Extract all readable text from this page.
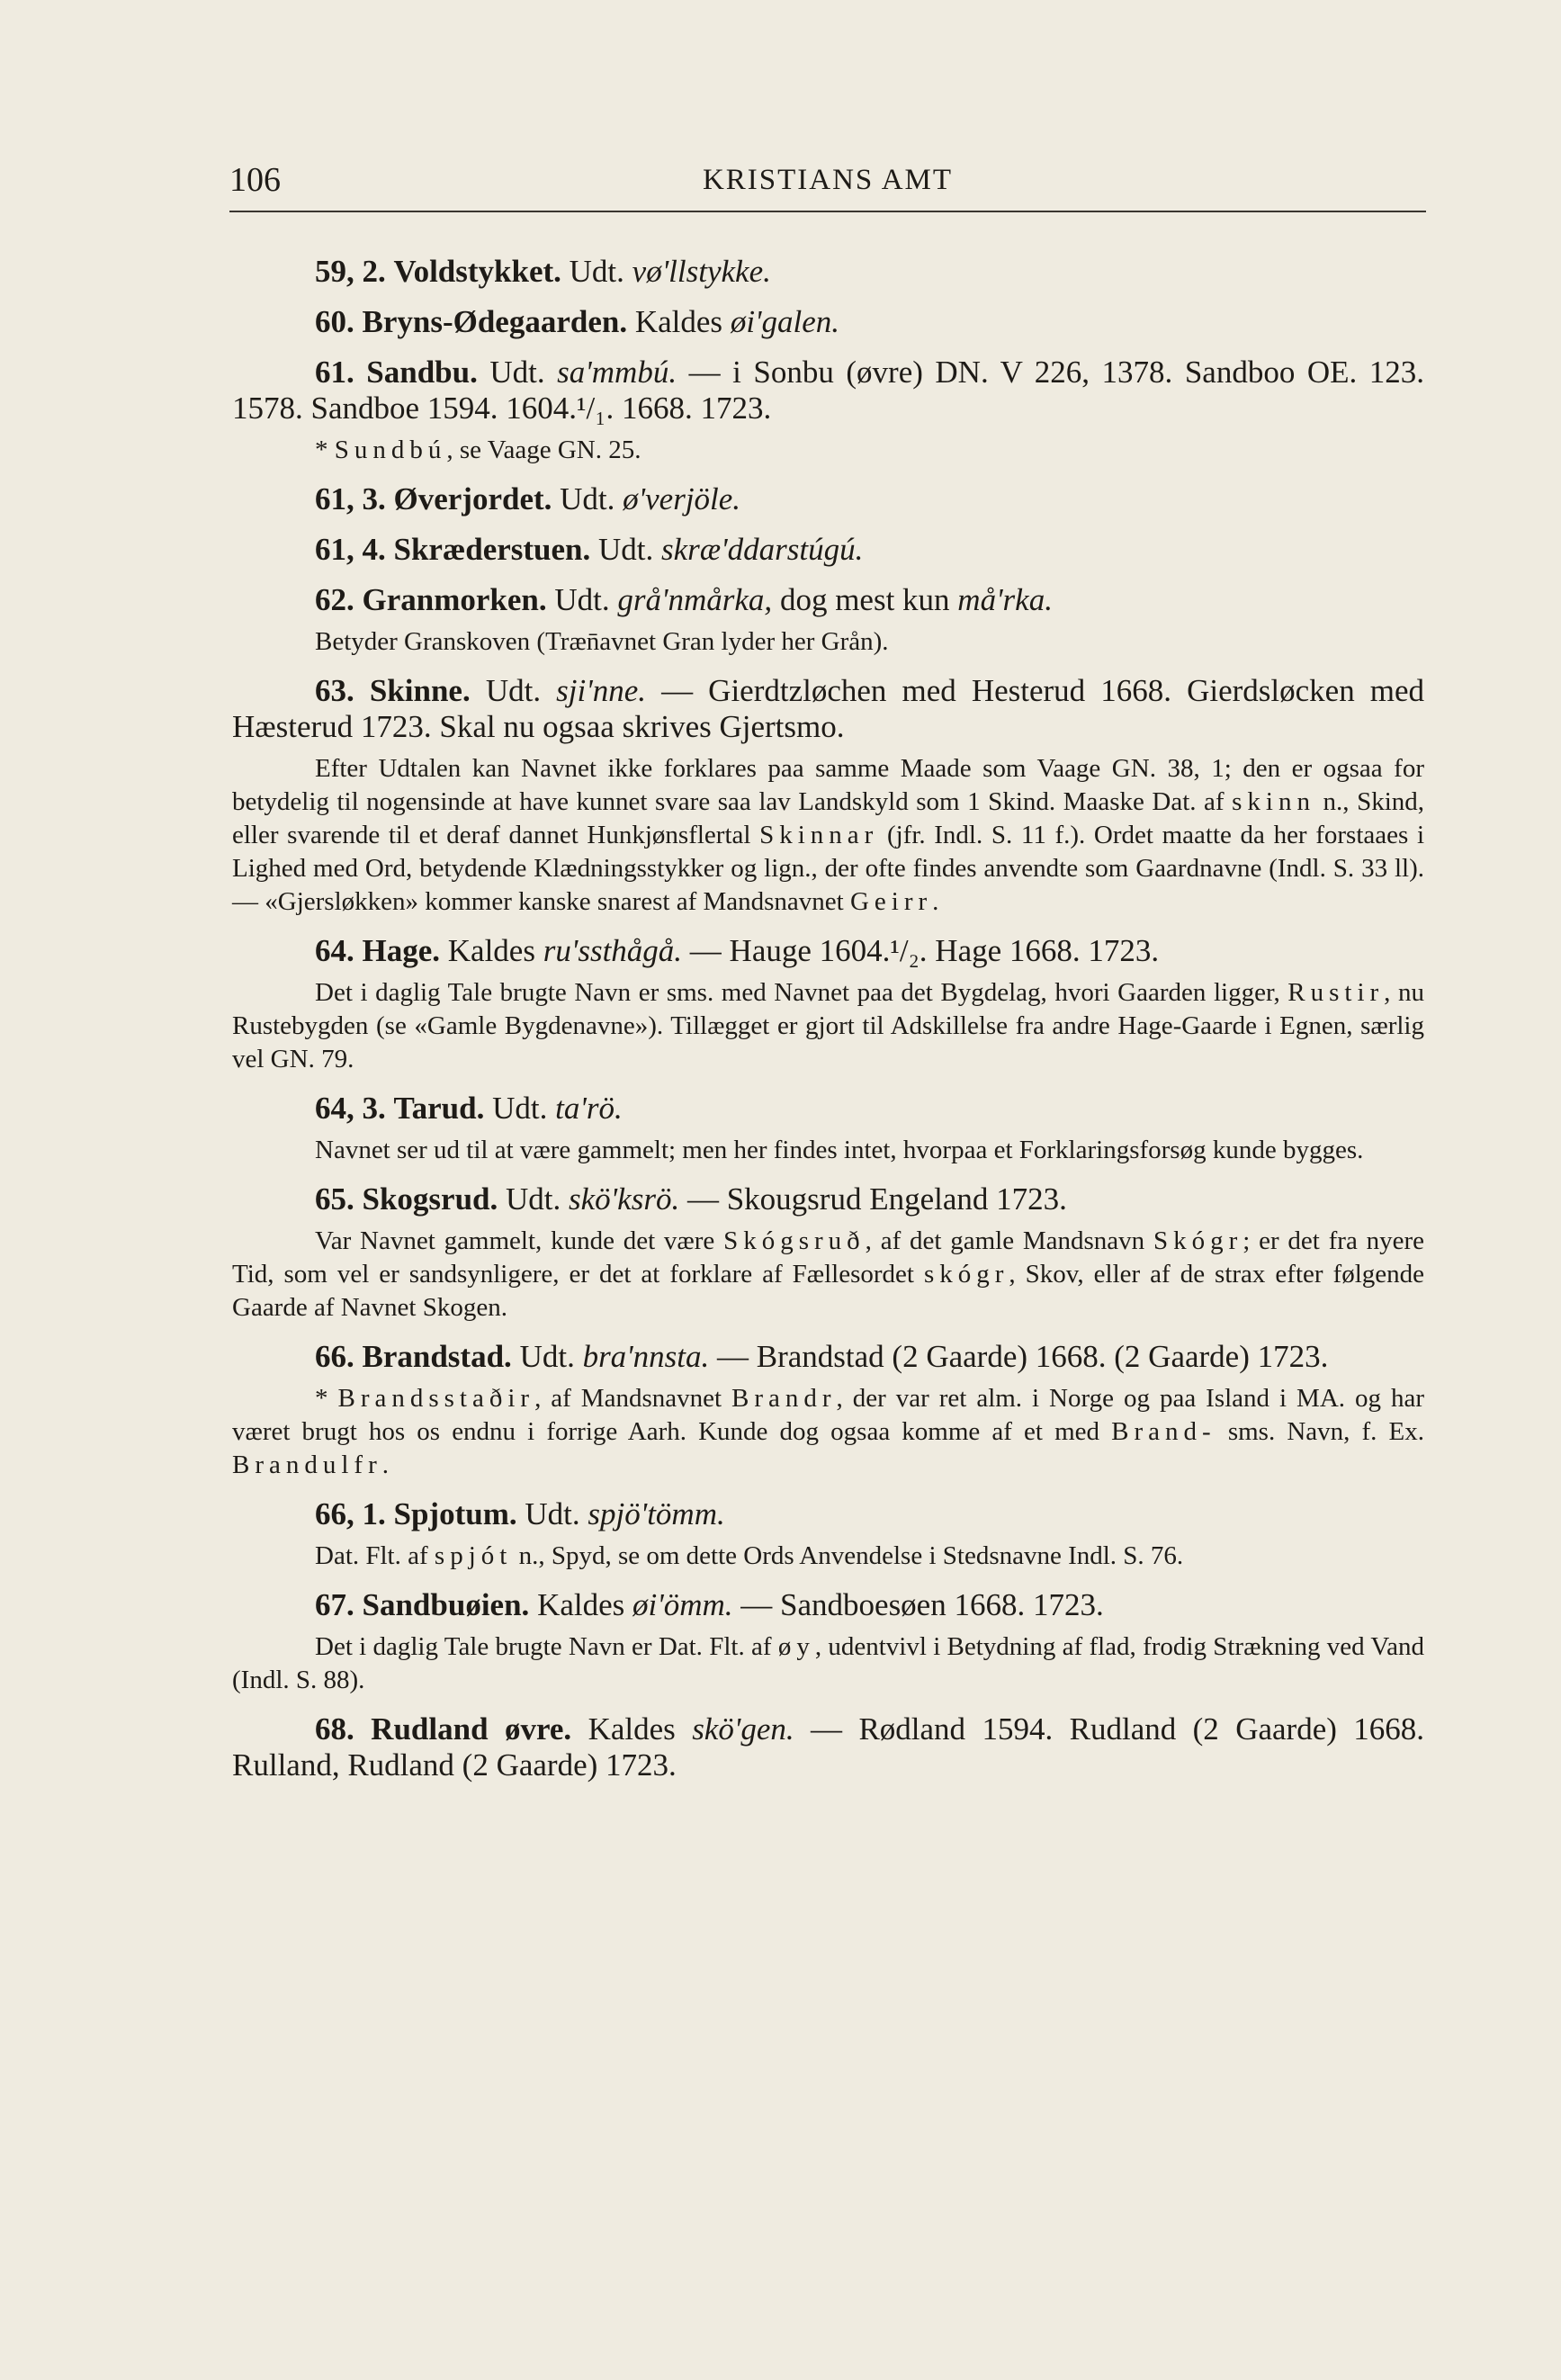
106	KRISTIANS AMT

59, 2. Voldstykket. Udt. vø'llstykke.

60. Bryns-Ødegaarden. Kaldes øi'galen.

61. Sandbu. Udt. sa'mmbú. — i Sonbu (øvre) DN. V 226, 1378. Sandboo OE. 123. 1578. Sandboe 1594. 1604.¹/₁. 1668. 1723.

* Sundbú, se Vaage GN. 25.

61, 3. Øverjordet. Udt. ø'verjöle.

61, 4. Skræderstuen. Udt. skræ'ddarstúgú.

62. Granmorken. Udt. grå'nmårka, dog mest kun må'rka.

Betyder Granskoven (Træn̄avnet Gran lyder her Grån).

63. Skinne. Udt. sji'nne. — Gierdtzløchen med Hesterud 1668. Gierdsløcken med Hæsterud 1723. Skal nu ogsaa skrives Gjertsmo.

Efter Udtalen kan Navnet ikke forklares paa samme Maade som Vaage GN. 38, 1; den er ogsaa for betydelig til nogensinde at have kunnet svare saa lav Landskyld som 1 Skind. Maaske Dat. af skinn n., Skind, eller svarende til et deraf dannet Hunkjønsflertal Skinnar (jfr. Indl. S. 11 f.). Ordet maatte da her forstaaes i Lighed med Ord, betydende Klædningsstykker og lign., der ofte findes anvendte som Gaardnavne (Indl. S. 33 ll). — «Gjersløkken» kommer kanske snarest af Mandsnavnet Geirr.

64. Hage. Kaldes ru'ssthågå. — Hauge 1604.¹/₂. Hage 1668. 1723.

Det i daglig Tale brugte Navn er sms. med Navnet paa det Bygdelag, hvori Gaarden ligger, Rustir, nu Rustebygden (se «Gamle Bygdenavne»). Tillægget er gjort til Adskillelse fra andre Hage-Gaarde i Egnen, særlig vel GN. 79.

64, 3. Tarud. Udt. ta'rö.

Navnet ser ud til at være gammelt; men her findes intet, hvorpaa et Forklaringsforsøg kunde bygges.

65. Skogsrud. Udt. skö'ksrö. — Skougsrud Engeland 1723.

Var Navnet gammelt, kunde det være Skógsruð, af det gamle Mandsnavn Skógr; er det fra nyere Tid, som vel er sandsynligere, er det at forklare af Fællesordet skógr, Skov, eller af de strax efter følgende Gaarde af Navnet Skogen.

66. Brandstad. Udt. bra'nnsta. — Brandstad (2 Gaarde) 1668. (2 Gaarde) 1723.

* Brandsstaðir, af Mandsnavnet Brandr, der var ret alm. i Norge og paa Island i MA. og har været brugt hos os endnu i forrige Aarh. Kunde dog ogsaa komme af et med Brand- sms. Navn, f. Ex. Brandulfr.

66, 1. Spjotum. Udt. spjö'tömm.

Dat. Flt. af spjót n., Spyd, se om dette Ords Anvendelse i Stedsnavne Indl. S. 76.

67. Sandbuøien. Kaldes øi'ömm. — Sandboesøen 1668. 1723.

Det i daglig Tale brugte Navn er Dat. Flt. af øy, udentvivl i Betydning af flad, frodig Strækning ved Vand (Indl. S. 88).

68. Rudland øvre. Kaldes skö'gen. — Rødland 1594. Rudland (2 Gaarde) 1668. Rulland, Rudland (2 Gaarde) 1723.
